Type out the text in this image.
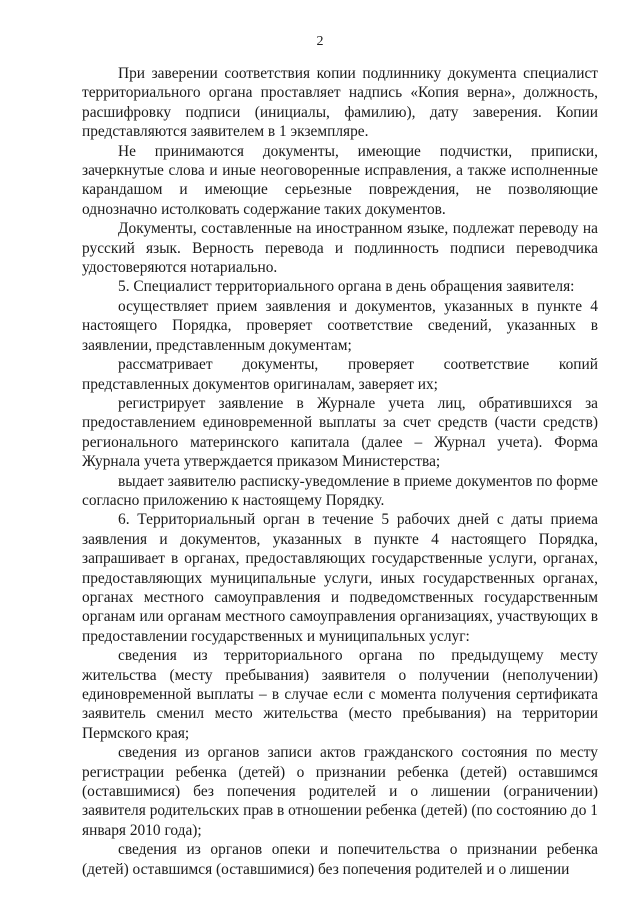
2

При заверении соответствия копии подлиннику документа специалист территориального органа проставляет надпись «Копия верна», должность, расшифровку подписи (инициалы, фамилию), дату заверения. Копии представляются заявителем в 1 экземпляре.

Не принимаются документы, имеющие подчистки, приписки, зачеркнутые слова и иные неоговоренные исправления, а также исполненные карандашом и имеющие серьезные повреждения, не позволяющие однозначно истолковать содержание таких документов.

Документы, составленные на иностранном языке, подлежат переводу на русский язык. Верность перевода и подлинность подписи переводчика удостоверяются нотариально.

5. Специалист территориального органа в день обращения заявителя:

осуществляет прием заявления и документов, указанных в пункте 4 настоящего Порядка, проверяет соответствие сведений, указанных в заявлении, представленным документам;

рассматривает документы, проверяет соответствие копий представленных документов оригиналам, заверяет их;

регистрирует заявление в Журнале учета лиц, обратившихся за предоставлением единовременной выплаты за счет средств (части средств) регионального материнского капитала (далее – Журнал учета). Форма Журнала учета утверждается приказом Министерства;

выдает заявителю расписку-уведомление в приеме документов по форме согласно приложению к настоящему Порядку.

6. Территориальный орган в течение 5 рабочих дней с даты приема заявления и документов, указанных в пункте 4 настоящего Порядка, запрашивает в органах, предоставляющих государственные услуги, органах, предоставляющих муниципальные услуги, иных государственных органах, органах местного самоуправления и подведомственных государственным органам или органам местного самоуправления организациях, участвующих в предоставлении государственных и муниципальных услуг:

сведения из территориального органа по предыдущему месту жительства (месту пребывания) заявителя о получении (неполучении) единовременной выплаты – в случае если с момента получения сертификата заявитель сменил место жительства (место пребывания) на территории Пермского края;

сведения из органов записи актов гражданского состояния по месту регистрации ребенка (детей) о признании ребенка (детей) оставшимся (оставшимися) без попечения родителей и о лишении (ограничении) заявителя родительских прав в отношении ребенка (детей) (по состоянию до 1 января 2010 года);

сведения из органов опеки и попечительства о признании ребенка (детей) оставшимся (оставшимися) без попечения родителей и о лишении
